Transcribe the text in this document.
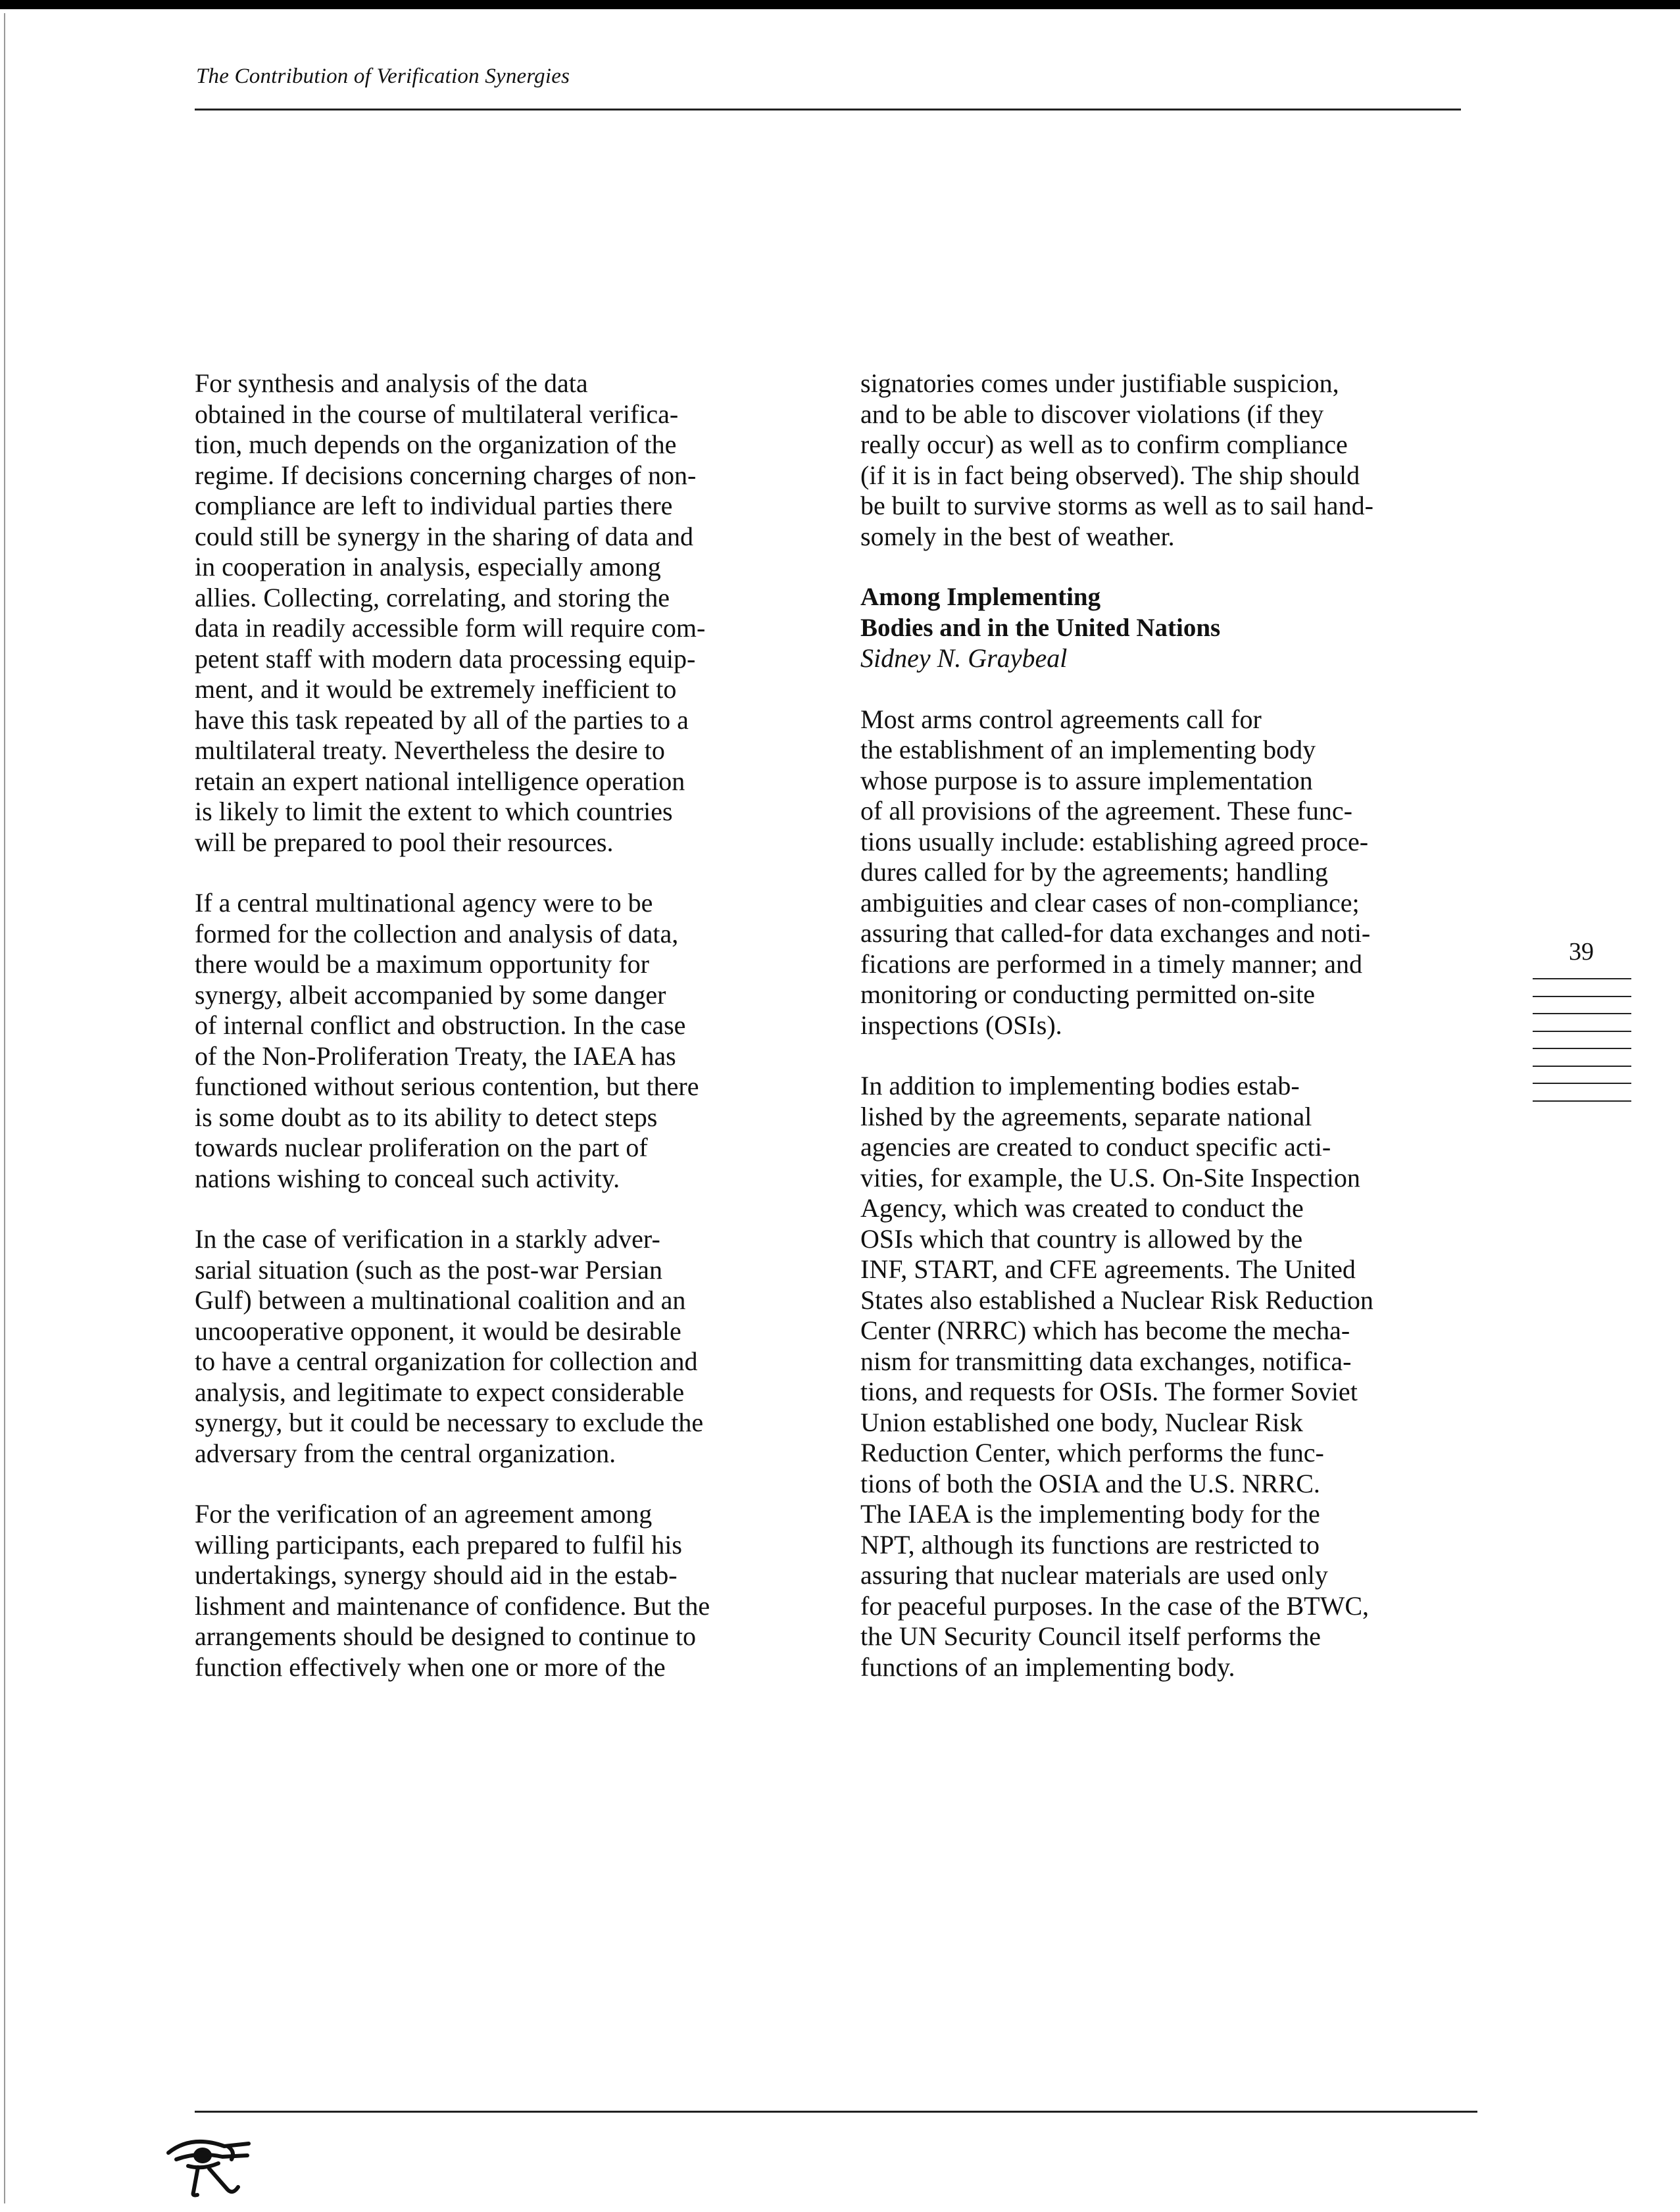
The Contribution of Verification Synergies

For synthesis and analysis of the data
obtained in the course of multilateral verifica-
tion, much depends on the organization of the
regime. If decisions concerning charges of non-
compliance are left to individual parties there
could still be synergy in the sharing of data and
in cooperation in analysis, especially among
allies. Collecting, correlating, and storing the
data in readily accessible form will require com-
petent staff with modern data processing equip-
ment, and it would be extremely inefficient to
have this task repeated by all of the parties to a
multilateral treaty. Nevertheless the desire to
retain an expert national intelligence operation
is likely to limit the extent to which countries
will be prepared to pool their resources.

If a central multinational agency were to be
formed for the collection and analysis of data,
there would be a maximum opportunity for
synergy, albeit accompanied by some danger
of internal conflict and obstruction. In the case
of the Non-Proliferation Treaty, the IAEA has
functioned without serious contention, but there
is some doubt as to its ability to detect steps
towards nuclear proliferation on the part of
nations wishing to conceal such activity.

In the case of verification in a starkly adver-
sarial situation (such as the post-war Persian
Gulf) between a multinational coalition and an
uncooperative opponent, it would be desirable
to have a central organization for collection and
analysis, and legitimate to expect considerable
synergy, but it could be necessary to exclude the
adversary from the central organization.

For the verification of an agreement among
willing participants, each prepared to fulfil his
undertakings, synergy should aid in the estab-
lishment and maintenance of confidence. But the
arrangements should be designed to continue to
function effectively when one or more of the

signatories comes under justifiable suspicion,
and to be able to discover violations (if they
really occur) as well as to confirm compliance
(if it is in fact being observed). The ship should
be built to survive storms as well as to sail hand-
somely in the best of weather.

Among Implementing
Bodies and in the United Nations

Sidney N. Graybeal

Most arms control agreements call for
the establishment of an implementing body
whose purpose is to assure implementation
of all provisions of the agreement. These func-
tions usually include: establishing agreed proce-
dures called for by the agreements; handling
ambiguities and clear cases of non-compliance;
assuring that called-for data exchanges and noti-
fications are performed in a timely manner; and
monitoring or conducting permitted on-site
inspections (OSIs).

In addition to implementing bodies estab-
lished by the agreements, separate national
agencies are created to conduct specific acti-
vities, for example, the U.S. On-Site Inspection
Agency, which was created to conduct the
OSIs which that country is allowed by the
INF, START, and CFE agreements. The United
States also established a Nuclear Risk Reduction
Center (NRRC) which has become the mecha-
nism for transmitting data exchanges, notifica-
tions, and requests for OSIs. The former Soviet
Union established one body, Nuclear Risk
Reduction Center, which performs the func-
tions of both the OSIA and the U.S. NRRC.
The IAEA is the implementing body for the
NPT, although its functions are restricted to
assuring that nuclear materials are used only
for peaceful purposes. In the case of the BTWC,
the UN Security Council itself performs the
functions of an implementing body.

39
